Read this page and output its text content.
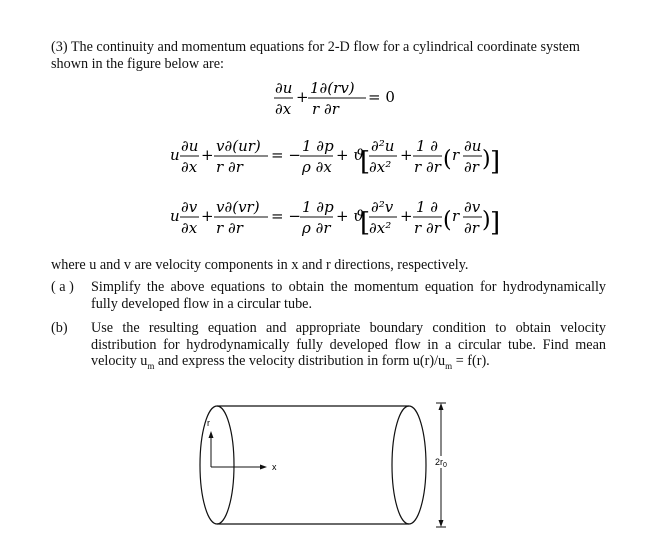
(3) The continuity and momentum equations for 2-D flow for a cylindrical coordinate system
shown in the figure below are:
∂u
∂x
+ 1∂(rv)
r ∂r
= 0
u ∂u
∂x
+ v∂(ur)
r ∂r
= − 1 ∂p
ρ ∂x
+ ϑ
[
∂²u
∂x²
+ 1 ∂
r ∂r ( r ∂u
∂r ) ]
u ∂v
∂x
+ v∂(vr)
r ∂r
= − 1 ∂p
ρ ∂r
+ ϑ
[
∂²v
∂x²
+ 1 ∂
r ∂r ( r ∂v
∂r ) ]
where u and v are velocity components in x and r directions, respectively.
( a ) Simplify the above equations to obtain the momentum equation for hydrodynamically fully developed flow in a circular tube.
(b) Use the resulting equation and appropriate boundary condition to obtain velocity distribution for hydrodynamically fully developed flow in a circular tube. Find mean velocity $u_m$ and express the velocity distribution in form $u(r)/u_m = f(r)$.
r
x	$2r_0$
